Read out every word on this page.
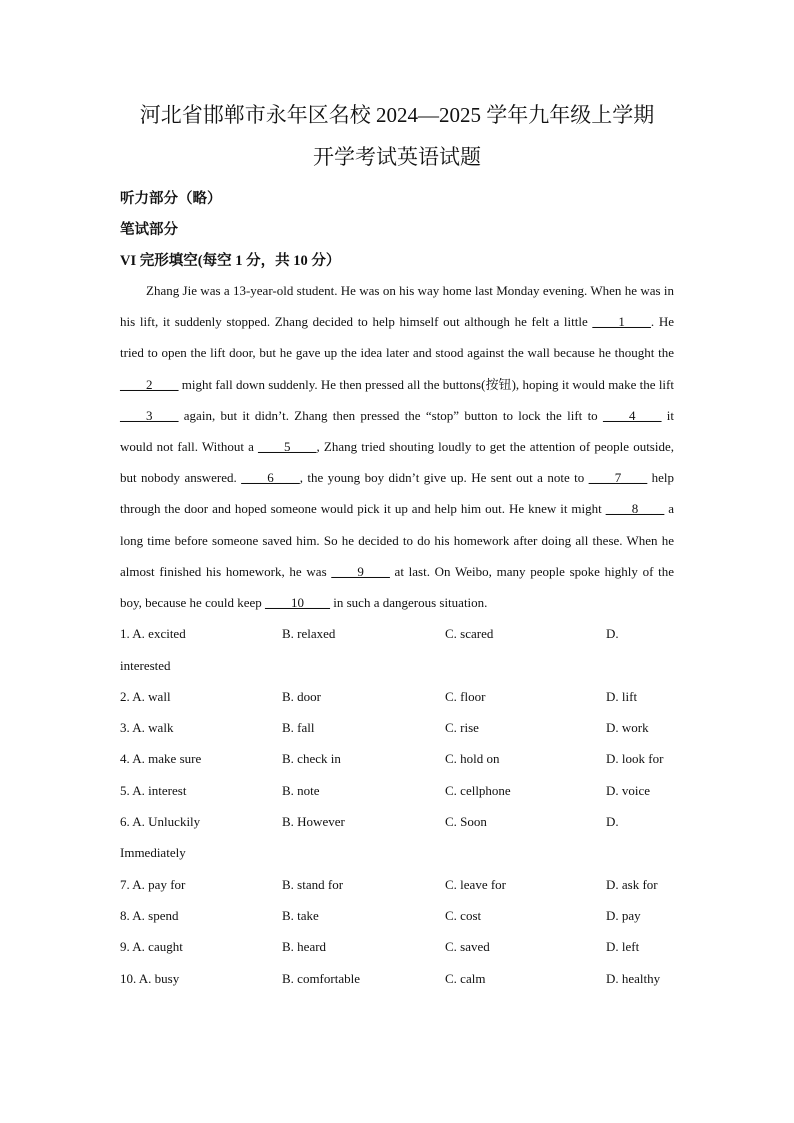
河北省邯郸市永年区名校 2024—2025 学年九年级上学期
开学考试英语试题

听力部分（略）

笔试部分

VI 完形填空(每空 1 分，共 10 分）

Zhang Jie was a 13-year-old student. He was on his way home last Monday evening. When he was in his lift, it suddenly stopped. Zhang decided to help himself out although he felt a little ____1____. He tried to open the lift door, but he gave up the idea later and stood against the wall because he thought the ____2____ might fall down suddenly. He then pressed all the buttons(按钮), hoping it would make the lift ____3____ again, but it didn’t. Zhang then pressed the “stop” button to lock the lift to ____4____ it would not fall. Without a ____5____, Zhang tried shouting loudly to get the attention of people outside, but nobody answered. ____6____, the young boy didn’t give up. He sent out a note to ____7____ help through the door and hoped someone would pick it up and help him out. He knew it might ____8____ a long time before someone saved him. So he decided to do his homework after doing all these. When he almost finished his homework, he was ____9____ at last. On Weibo, many people spoke highly of the boy, because he could keep ____10____ in such a dangerous situation.

1. A. excited	B. relaxed	C. scared	D.
interested
2. A. wall	B. door	C. floor	D. lift
3. A. walk	B. fall	C. rise	D. work
4. A. make sure	B. check in	C. hold on	D. look for
5. A. interest	B. note	C. cellphone	D. voice
6. A. Unluckily	B. However	C. Soon	D.
Immediately
7. A. pay for	B. stand for	C. leave for	D. ask for
8. A. spend	B. take	C. cost	D. pay
9. A. caught	B. heard	C. saved	D. left
10. A. busy	B. comfortable	C. calm	D. healthy
